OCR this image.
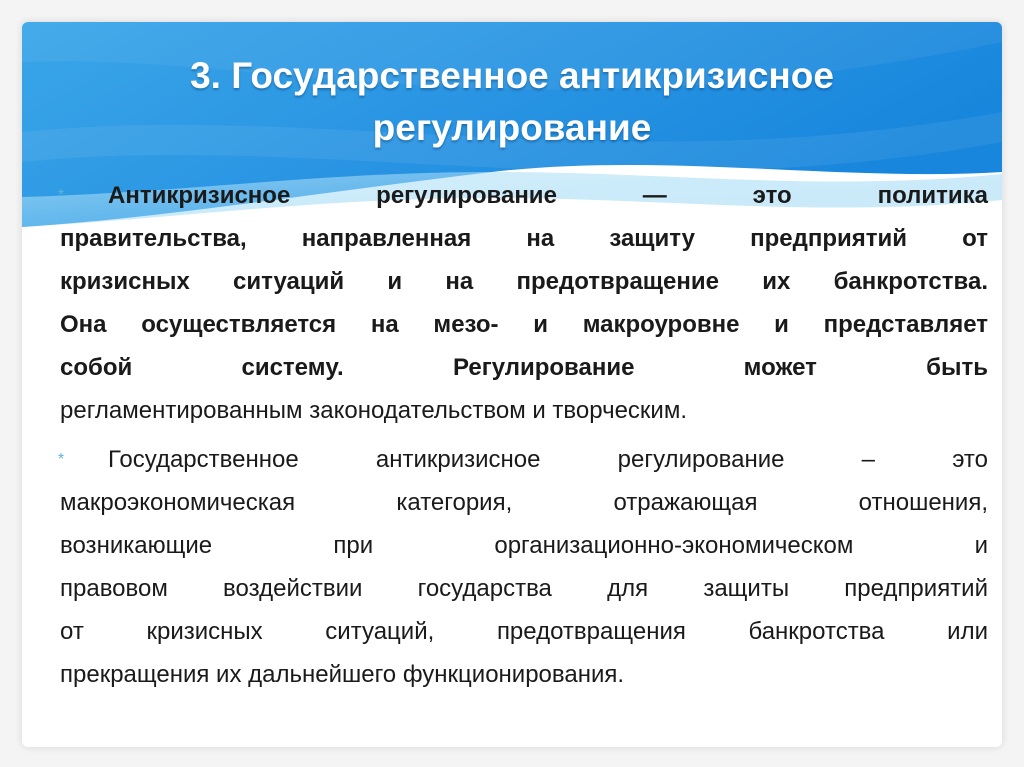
3. Государственное антикризисное
регулирование
*	Антикризисное регулирование — это политика
правительства, направленная на защиту предприятий от
кризисных ситуаций и на предотвращение их банкротства.
Она осуществляется на мезо- и макроуровне и представляет
собой системy. Регулирование может быть
регламентированным законодательством и творческим.
*	Государственное антикризисное регулирование – это
макроэкономическая категория, отражающая отношения,
возникающие при организационно-экономическом и
правовом воздействии государства для защиты предприятий
от кризисных ситуаций, предотвращения банкротства или
прекращения их дальнейшего функционирования.
